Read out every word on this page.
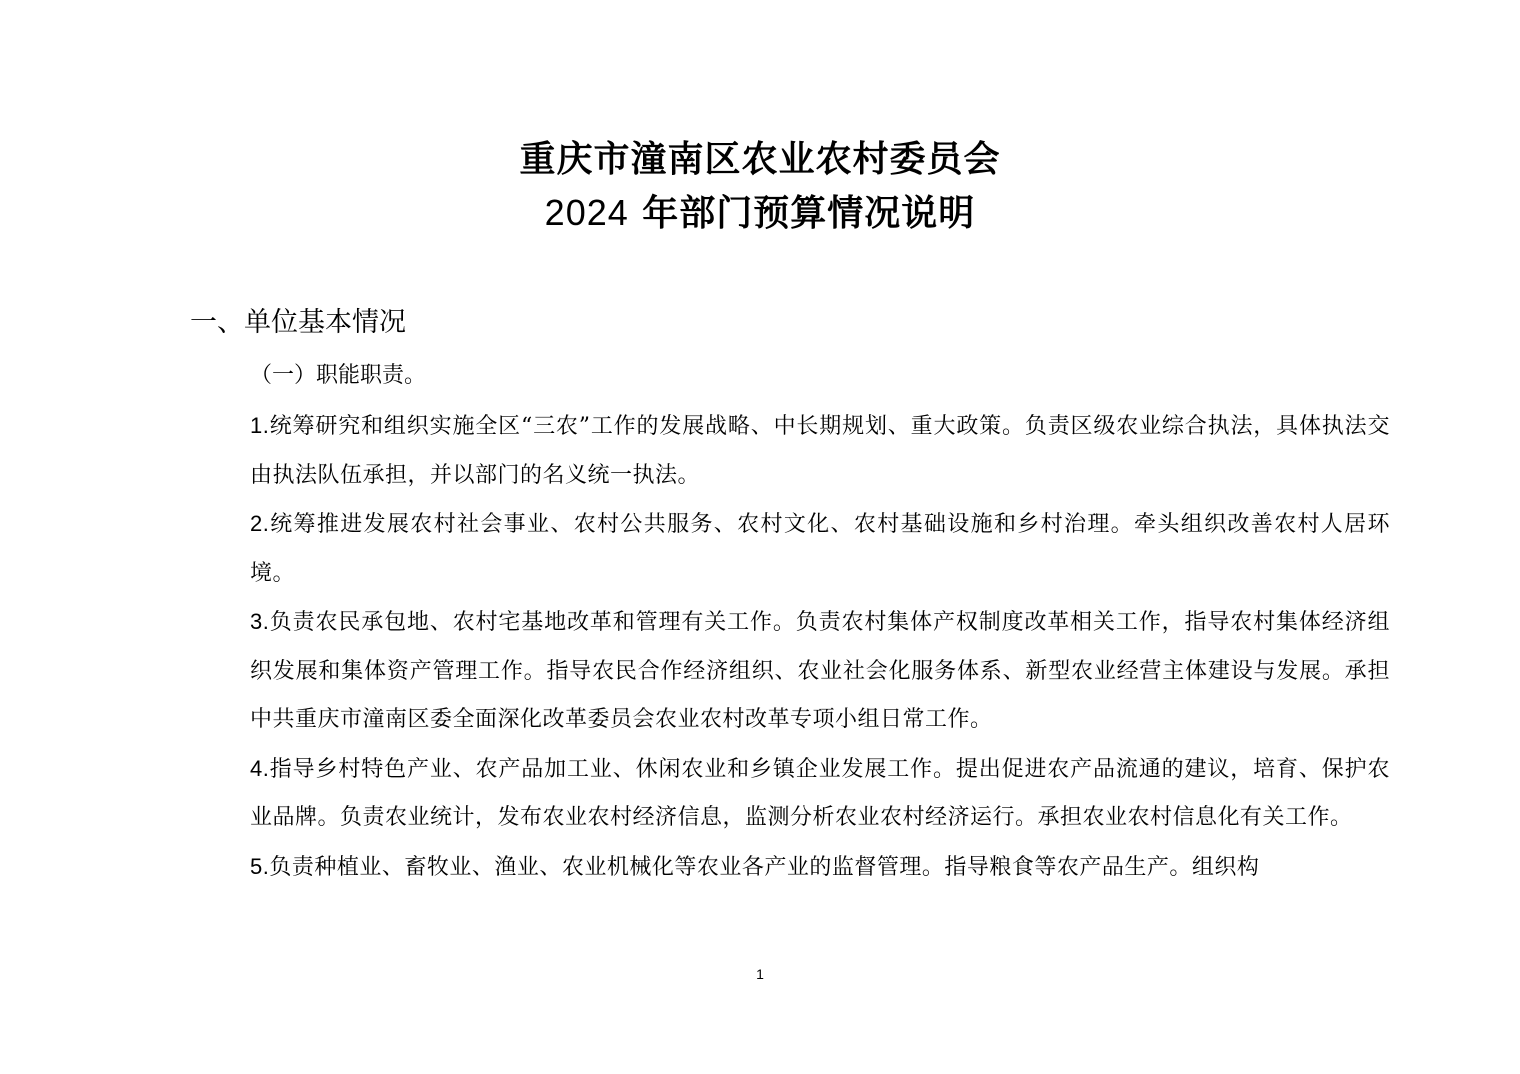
重庆市潼南区农业农村委员会
2024 年部门预算情况说明
一、单位基本情况
（一）职能职责。

1.统筹研究和组织实施全区“三农”工作的发展战略、中长期规划、重大政策。负责区级农业综合执法，具体执法交由执法队伍承担，并以部门的名义统一执法。

2.统筹推进发展农村社会事业、农村公共服务、农村文化、农村基础设施和乡村治理。牵头组织改善农村人居环境。

3.负责农民承包地、农村宅基地改革和管理有关工作。负责农村集体产权制度改革相关工作，指导农村集体经济组织发展和集体资产管理工作。指导农民合作经济组织、农业社会化服务体系、新型农业经营主体建设与发展。承担中共重庆市潼南区委全面深化改革委员会农业农村改革专项小组日常工作。

4.指导乡村特色产业、农产品加工业、休闲农业和乡镇企业发展工作。提出促进农产品流通的建议，培育、保护农业品牌。负责农业统计，发布农业农村经济信息，监测分析农业农村经济运行。承担农业农村信息化有关工作。

5.负责种植业、畜牧业、渔业、农业机械化等农业各产业的监督管理。指导粮食等农产品生产。组织构

1
